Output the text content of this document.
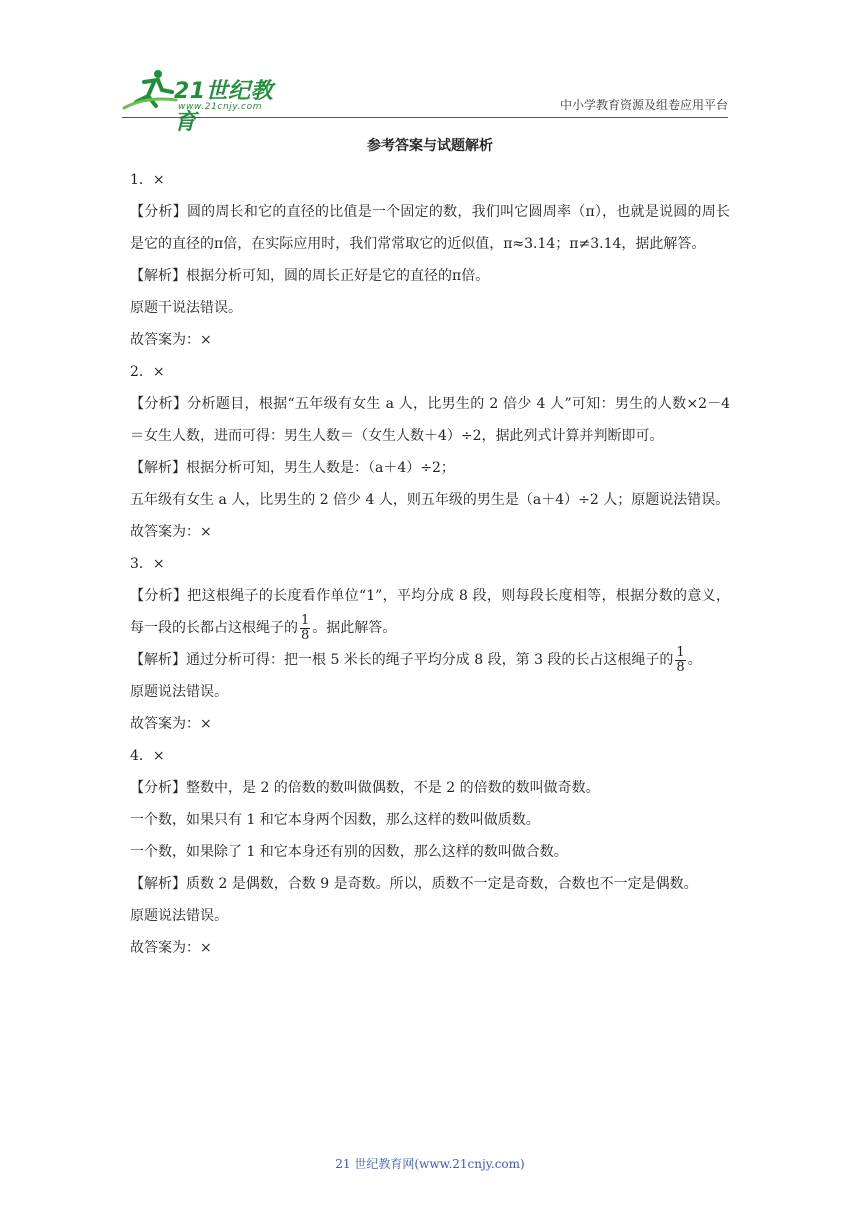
21世纪教育
www.21cnjy.com	中小学教育资源及组卷应用平台

参考答案与试题解析

1．×

【分析】圆的周长和它的直径的比值是一个固定的数，我们叫它圆周率（π），也就是说圆的周长是它的直径的π倍，在实际应用时，我们常常取它的近似值，π≈3.14；π≠3.14，据此解答。

【解析】根据分析可知，圆的周长正好是它的直径的π倍。

原题干说法错误。

故答案为：×

2．×

【分析】分析题目，根据“五年级有女生 a 人，比男生的 2 倍少 4 人”可知：男生的人数×2－4＝女生人数，进而可得：男生人数＝（女生人数＋4）÷2，据此列式计算并判断即可。

【解析】根据分析可知，男生人数是：（a＋4）÷2；

五年级有女生 a 人，比男生的 2 倍少 4 人，则五年级的男生是（a＋4）÷2 人；原题说法错误。

故答案为：×

3．×

【分析】把这根绳子的长度看作单位“1”，平均分成 8 段，则每段长度相等，根据分数的意义，每一段的长都占这根绳子的 $\frac{1}{8}$ 。据此解答。

【解析】通过分析可得：把一根 5 米长的绳子平均分成 8 段，第 3 段的长占这根绳子的 $\frac{1}{8}$ 。

原题说法错误。

故答案为：×

4．×

【分析】整数中，是 2 的倍数的数叫做偶数，不是 2 的倍数的数叫做奇数。

一个数，如果只有 1 和它本身两个因数，那么这样的数叫做质数。

一个数，如果除了 1 和它本身还有别的因数，那么这样的数叫做合数。

【解析】质数 2 是偶数，合数 9 是奇数。所以，质数不一定是奇数，合数也不一定是偶数。

原题说法错误。

故答案为：×

21 世纪教育网(www.21cnjy.com)
